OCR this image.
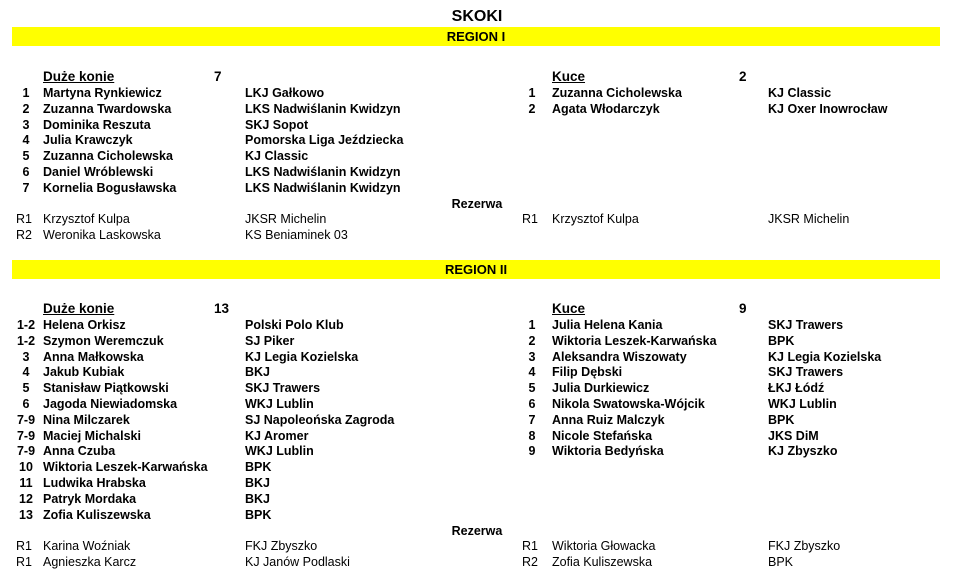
SKOKI
REGION I
REGION II
Duże konie	7
1	Martyna Rynkiewicz	LKJ Gałkowo
2	Zuzanna Twardowska	LKS Nadwiślanin Kwidzyn
3	Dominika Reszuta	SKJ Sopot
4	Julia Krawczyk	Pomorska Liga Jeździecka
5	Zuzanna Cicholewska	KJ Classic
6	Daniel Wróblewski	LKS Nadwiślanin Kwidzyn
7	Kornelia Bogusławska	LKS Nadwiślanin Kwidzyn
R1 Krzysztof Kulpa	JKSR Michelin
R2 Weronika Laskowska	KS Beniaminek 03
Kuce	2
1	Zuzanna Cicholewska	KJ Classic
2	Agata Włodarczyk	KJ Oxer Inowrocław
R1	Krzysztof Kulpa	JKSR Michelin
Rezerwa
Duże konie	13
1-2 Helena Orkisz	Polski Polo Klub
1-2 Szymon Weremczuk	SJ Piker
3	Anna Małkowska	KJ Legia Kozielska
4	Jakub Kubiak	BKJ
5	Stanisław Piątkowski	SKJ Trawers
6	Jagoda Niewiadomska	WKJ Lublin
7-9 Nina Milczarek	SJ Napoleońska Zagroda
7-9 Maciej Michalski	KJ Aromer
7-9 Anna Czuba	WKJ Lublin
10 Wiktoria Leszek-Karwańska	BPK
11 Ludwika Hrabska	BKJ
12 Patryk Mordaka	BKJ
13 Zofia Kuliszewska	BPK
R1 Karina Woźniak	FKJ Zbyszko
R1 Agnieszka Karcz	KJ Janów Podlaski
Kuce	9
1	Julia Helena Kania	SKJ Trawers
2	Wiktoria Leszek-Karwańska	BPK
3	Aleksandra Wiszowaty	KJ Legia Kozielska
4	Filip Dębski	SKJ Trawers
5	Julia Durkiewicz	ŁKJ Łódź
6	Nikola Swatowska-Wójcik	WKJ Lublin
7	Anna Ruiz Malczyk	BPK
8	Nicole Stefańska	JKS DiM
9	Wiktoria Bedyńska	KJ Zbyszko
R1	Wiktoria Głowacka	FKJ Zbyszko
R2	Zofia Kuliszewska	BPK
Rezerwa
